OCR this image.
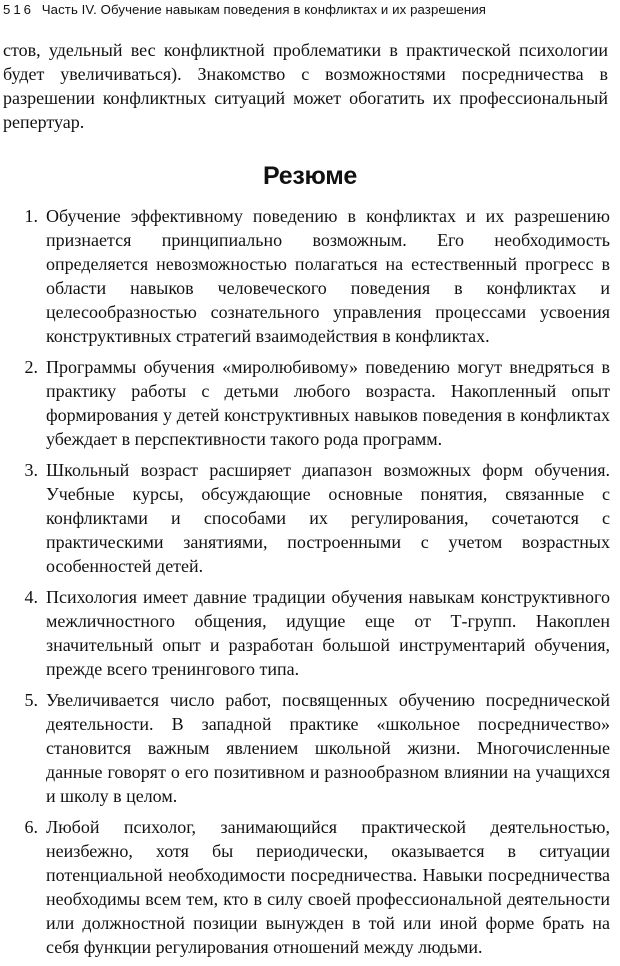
516 Часть IV. Обучение навыкам поведения в конфликтах и их разрешения

стов, удельный вес конфликтной проблематики в практической психологии будет увеличиваться). Знакомство с возможностями посредничества в разрешении конфликтных ситуаций может обогатить их профессиональный репертуар.

Резюме
1. Обучение эффективному поведению в конфликтах и их разрешению признается принципиально возможным. Его необходимость определяется невозможностью полагаться на естественный прогресс в области навыков человеческого поведения в конфликтах и целесообразностью сознательного управления процессами усвоения конструктивных стратегий взаимодействия в конфликтах.
2. Программы обучения «миролюбивому» поведению могут внедряться в практику работы с детьми любого возраста. Накопленный опыт формирования у детей конструктивных навыков поведения в конфликтах убеждает в перспективности такого рода программ.
3. Школьный возраст расширяет диапазон возможных форм обучения. Учебные курсы, обсуждающие основные понятия, связанные с конфликтами и способами их регулирования, сочетаются с практическими занятиями, построенными с учетом возрастных особенностей детей.
4. Психология имеет давние традиции обучения навыкам конструктивного межличностного общения, идущие еще от Т-групп. Накоплен значительный опыт и разработан большой инструментарий обучения, прежде всего тренингового типа.
5. Увеличивается число работ, посвященных обучению посреднической деятельности. В западной практике «школьное посредничество» становится важным явлением школьной жизни. Многочисленные данные говорят о его позитивном и разнообразном влиянии на учащихся и школу в целом.
6. Любой психолог, занимающийся практической деятельностью, неизбежно, хотя бы периодически, оказывается в ситуации потенциальной необходимости посредничества. Навыки посредничества необходимы всем тем, кто в силу своей профессиональной деятельности или должностной позиции вынужден в той или иной форме брать на себя функции регулирования отношений между людьми.
